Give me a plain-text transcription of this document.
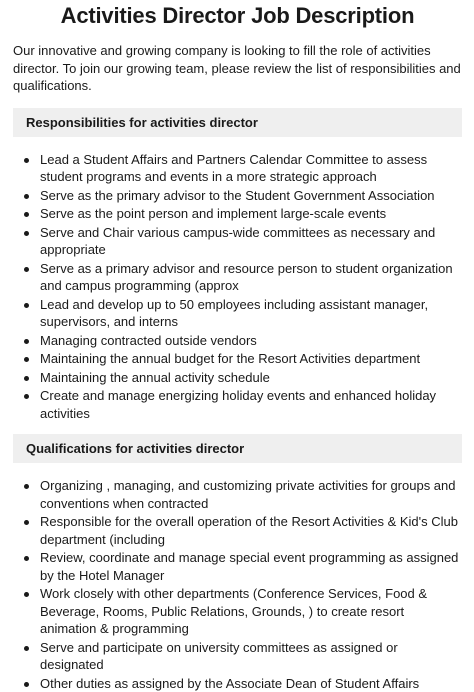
Activities Director Job Description

Our innovative and growing company is looking to fill the role of activities director. To join our growing team, please review the list of responsibilities and qualifications.

Responsibilities for activities director
Lead a Student Affairs and Partners Calendar Committee to assess student programs and events in a more strategic approach
Serve as the primary advisor to the Student Government Association
Serve as the point person and implement large-scale events
Serve and Chair various campus-wide committees as necessary and appropriate
Serve as a primary advisor and resource person to student organization and campus programming (approx
Lead and develop up to 50 employees including assistant manager, supervisors, and interns
Managing contracted outside vendors
Maintaining the annual budget for the Resort Activities department
Maintaining the annual activity schedule
Create and manage energizing holiday events and enhanced holiday activities
Qualifications for activities director
Organizing , managing, and customizing private activities for groups and conventions when contracted
Responsible for the overall operation of the Resort Activities & Kid's Club department (including
Review, coordinate and manage special event programming as assigned by the Hotel Manager
Work closely with other departments (Conference Services, Food & Beverage, Rooms, Public Relations, Grounds, ) to create resort animation & programming
Serve and participate on university committees as assigned or designated
Other duties as assigned by the Associate Dean of Student Affairs
